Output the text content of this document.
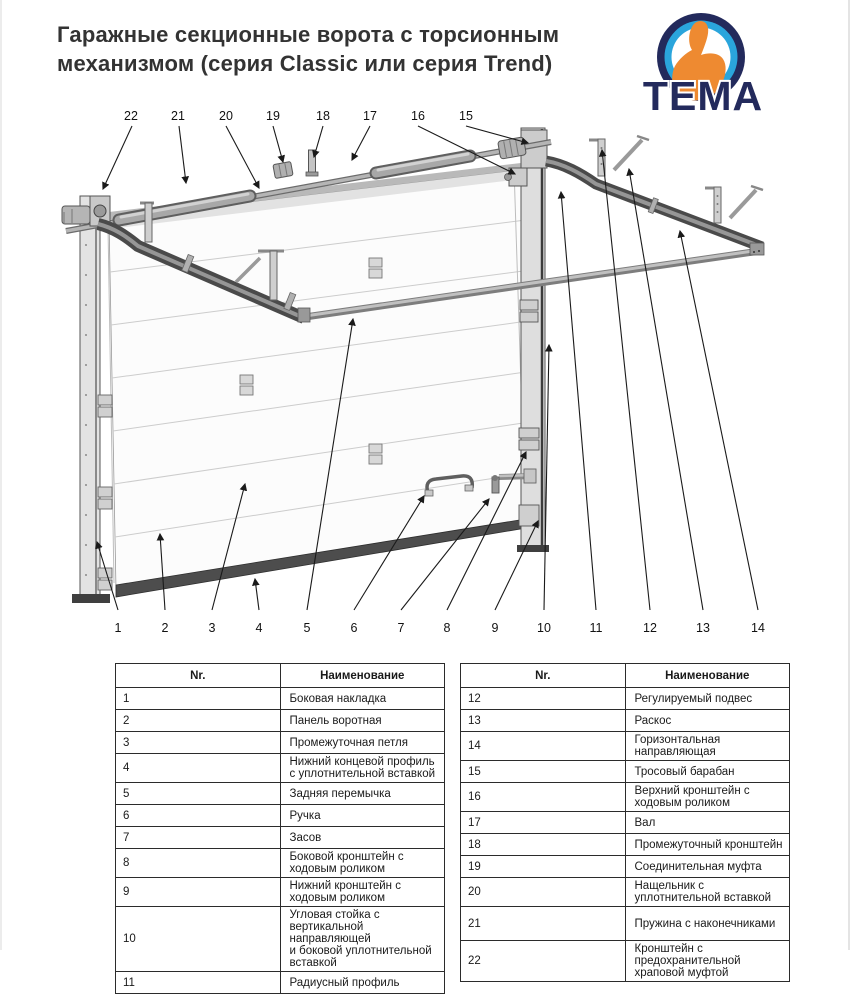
Гаражные секционные ворота с торсионным
механизмом (серия Classic или серия Trend)
TEMA
22	21	20	19	18	17	16	15
1	2	3	4	5	6	7	8	9	10	11	12	13	14
Nr.	Наименование
1	Боковая накладка
2	Панель воротная
3	Промежуточная петля
4	Нижний концевой профиль с уплотнительной вставкой
5	Задняя перемычка
6	Ручка
7	Засов
8	Боковой кронштейн с ходовым роликом
9	Нижний кронштейн с ходовым роликом
10	Угловая стойка с вертикальной направляющей
и боковой уплотнительной вставкой
11	Радиусный профиль
Nr.	Наименование
12	Регулируемый подвес
13	Раскос
14	Горизонтальная направляющая
15	Тросовый барабан
16	Верхний кронштейн с ходовым роликом
17	Вал
18	Промежуточный кронштейн
19	Соединительная муфта
20	Нащельник с уплотнительной вставкой
21	Пружина с наконечниками
22	Кронштейн с предохранительной храповой муфтой
